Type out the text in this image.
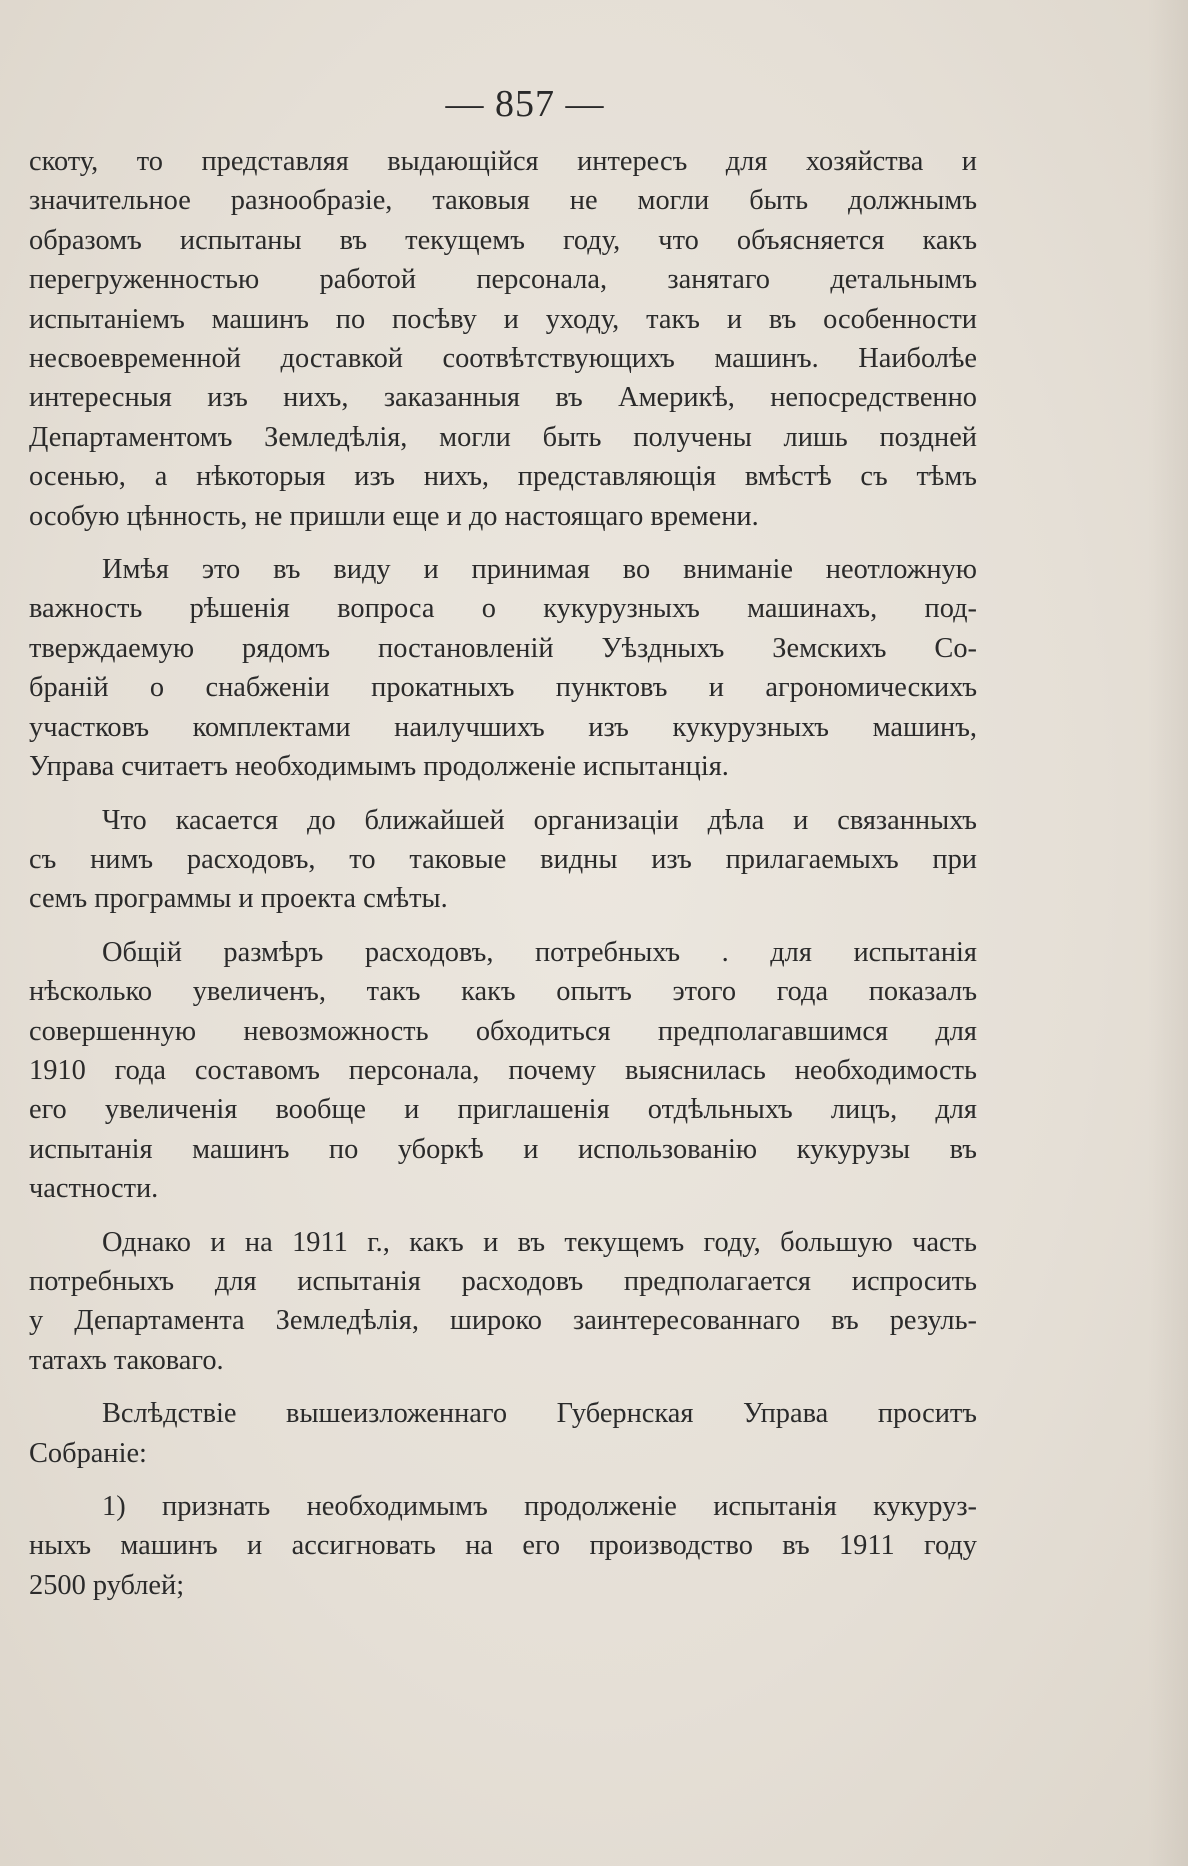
— 857 —
скоту, то представляя выдающійся интересъ для хозяйства и
значительное разнообразіе, таковыя не могли быть должнымъ
образомъ испытаны въ текущемъ году, что объясняется какъ
перегруженностью работой персонала, занятаго детальнымъ
испытаніемъ машинъ по посѣву и уходу, такъ и въ особенности
несвоевременной доставкой соотвѣтствующихъ машинъ. Наиболѣе
интересныя изъ нихъ, заказанныя въ Америкѣ, непосредственно
Департаментомъ Земледѣлія, могли быть получены лишь поздней
осенью, а нѣкоторыя изъ нихъ, представляющія вмѣстѣ съ тѣмъ
особую цѣнность, не пришли еще и до настоящаго времени.
Имѣя это въ виду и принимая во вниманіе неотложную
важность рѣшенія вопроса о кукурузныхъ машинахъ, под-
тверждаемую рядомъ постановленій Уѣздныхъ Земскихъ Со-
браній о снабженіи прокатныхъ пунктовъ и агрономическихъ
участковъ комплектами наилучшихъ изъ кукурузныхъ машинъ,
Управа считаетъ необходимымъ продолженіе испытанція.
Что касается до ближайшей организаціи дѣла и связанныхъ
съ нимъ расходовъ, то таковые видны изъ прилагаемыхъ при
семъ программы и проекта смѣты.
Общій размѣръ расходовъ, потребныхъ . для испытанія
нѣсколько увеличенъ, такъ какъ опытъ этого года показалъ
совершенную невозможность обходиться предполагавшимся для
1910 года составомъ персонала, почему выяснилась необходимость
его увеличенія вообще и приглашенія отдѣльныхъ лицъ, для
испытанія машинъ по уборкѣ и использованію кукурузы въ
частности.
Однако и на 1911 г., какъ и въ текущемъ году, большую часть
потребныхъ для испытанія расходовъ предполагается испросить
у Департамента Земледѣлія, широко заинтересованнаго въ резуль-
татахъ таковаго.
Вслѣдствіе вышеизложеннаго Губернская Управа проситъ
Собраніе:
1) признать необходимымъ продолженіе испытанія кукуруз-
ныхъ машинъ и ассигновать на его производство въ 1911 году
2500 рублей;
